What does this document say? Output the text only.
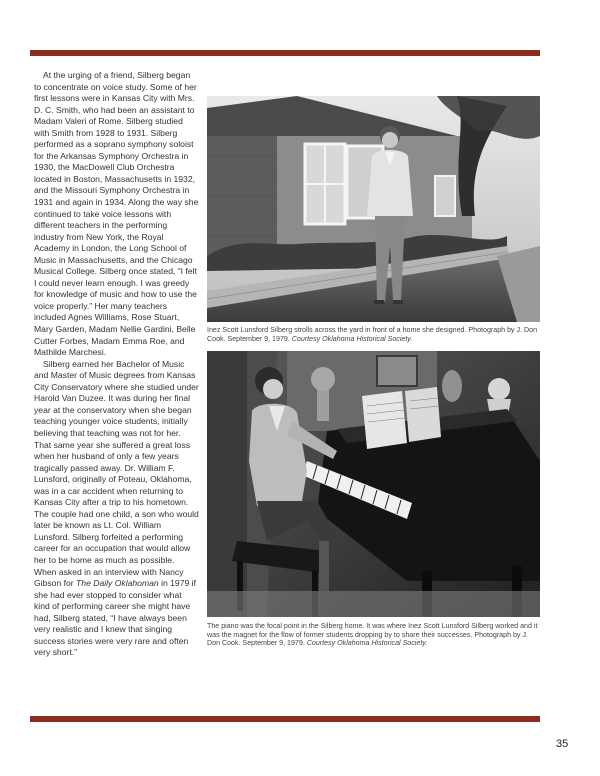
At the urging of a friend, Silberg began to concentrate on voice study. Some of her first lessons were in Kansas City with Mrs. D. C. Smith, who had been an assistant to Madam Valeri of Rome. Silberg studied with Smith from 1928 to 1931. Silberg performed as a soprano symphony soloist for the Arkansas Symphony Orchestra in 1930, the MacDowell Club Orchestra located in Boston, Massachusetts in 1932, and the Missouri Symphony Orchestra in 1931 and again in 1934. Along the way she continued to take voice lessons with different teachers in the performing industry from New York, the Royal Academy in London, the Long School of Music in Massachusetts, and the Chicago Musical College. Silberg once stated, “I felt I could never learn enough. I was greedy for knowledge of music and how to use the voice properly.” Her many teachers included Agnes Williams, Rose Stuart, Mary Garden, Madam Nellie Gardini, Belle Cutter Forbes, Madam Emma Roe, and Mathilde Marchesi.

Silberg earned her Bachelor of Music and Master of Music degrees from Kansas City Conservatory where she studied under Harold Van Duzee. It was during her final year at the conservatory when she began teaching younger voice students, initially believing that teaching was not for her. That same year she suffered a great loss when her husband of only a few years tragically passed away. Dr. William F. Lunsford, originally of Poteau, Oklahoma, was in a car accident when returning to Kansas City after a trip to his hometown. The couple had one child, a son who would later be known as Lt. Col. William Lunsford. Silberg forfeited a performing career for an occupation that would allow her to be home as much as possible. When asked in an interview with Nancy Gibson for The Daily Oklahoman in 1979 if she had ever stopped to consider what kind of performing career she might have had, Silberg stated, “I have always been very realistic and I knew that singing success stories were very rare and often very short.”

Inez Scott Lunsford Silberg strolls across the yard in front of a home she designed. Photograph by J. Don Cook. September 9, 1979. Courtesy Oklahoma Historical Society.
The piano was the focal point in the Silberg home. It was where Inez Scott Lunsford Silberg worked and it was the magnet for the flow of former students dropping by to share their successes. Photograph by J. Don Cook. September 9, 1979. Courtesy Oklahoma Historical Society.
35
